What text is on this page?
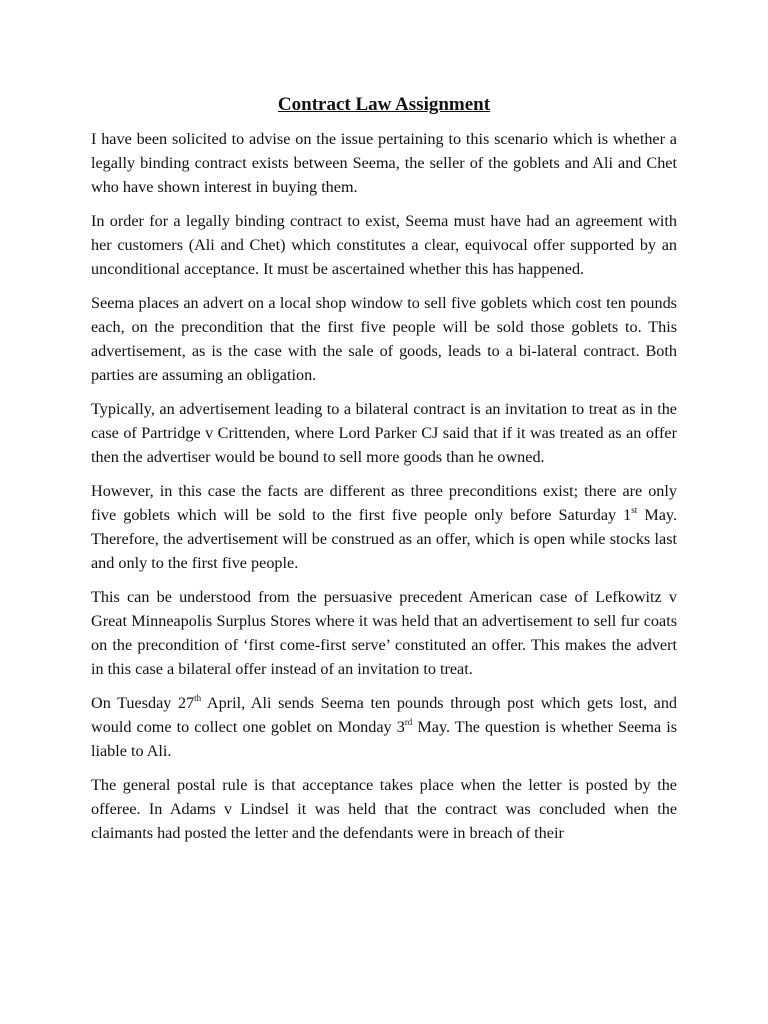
Contract Law Assignment

I have been solicited to advise on the issue pertaining to this scenario which is whether a legally binding contract exists between Seema, the seller of the goblets and Ali and Chet who have shown interest in buying them.

In order for a legally binding contract to exist, Seema must have had an agreement with her customers (Ali and Chet) which constitutes a clear, equivocal offer supported by an unconditional acceptance. It must be ascertained whether this has happened.

Seema places an advert on a local shop window to sell five goblets which cost ten pounds each, on the precondition that the first five people will be sold those goblets to. This advertisement, as is the case with the sale of goods, leads to a bi-lateral contract. Both parties are assuming an obligation.

Typically, an advertisement leading to a bilateral contract is an invitation to treat as in the case of Partridge v Crittenden, where Lord Parker CJ said that if it was treated as an offer then the advertiser would be bound to sell more goods than he owned.

However, in this case the facts are different as three preconditions exist; there are only five goblets which will be sold to the first five people only before Saturday 1st May. Therefore, the advertisement will be construed as an offer, which is open while stocks last and only to the first five people.

This can be understood from the persuasive precedent American case of Lefkowitz v Great Minneapolis Surplus Stores where it was held that an advertisement to sell fur coats on the precondition of ‘first come-first serve’ constituted an offer. This makes the advert in this case a bilateral offer instead of an invitation to treat.

On Tuesday 27th April, Ali sends Seema ten pounds through post which gets lost, and would come to collect one goblet on Monday 3rd May. The question is whether Seema is liable to Ali.

The general postal rule is that acceptance takes place when the letter is posted by the offeree. In Adams v Lindsel it was held that the contract was concluded when the claimants had posted the letter and the defendants were in breach of their
